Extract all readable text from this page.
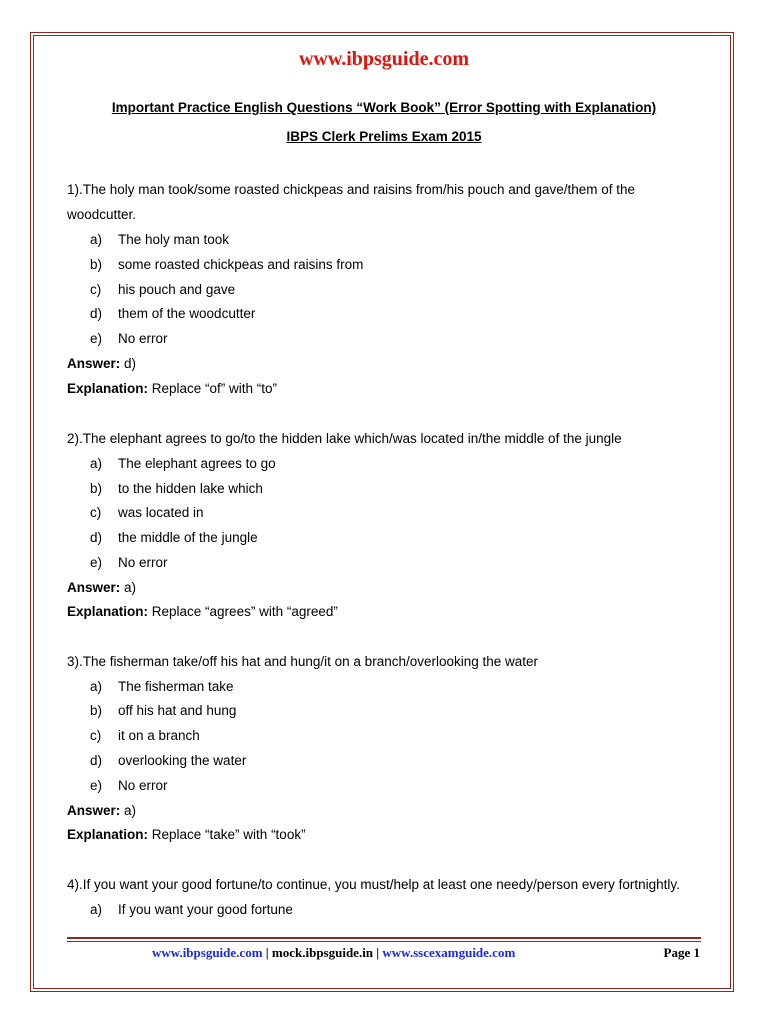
www.ibpsguide.com
Important Practice English Questions “Work Book” (Error Spotting with Explanation)
IBPS Clerk Prelims Exam 2015
1).The holy man took/some roasted chickpeas and raisins from/his pouch and gave/them of the
woodcutter.
a) The holy man took
b) some roasted chickpeas and raisins from
c) his pouch and gave
d) them of the woodcutter
e) No error
Answer: d)
Explanation: Replace “of” with “to”
2).The elephant agrees to go/to the hidden lake which/was located in/the middle of the jungle
a) The elephant agrees to go
b) to the hidden lake which
c) was located in
d) the middle of the jungle
e) No error
Answer: a)
Explanation: Replace “agrees” with “agreed”
3).The fisherman take/off his hat and hung/it on a branch/overlooking the water
a) The fisherman take
b) off his hat and hung
c) it on a branch
d) overlooking the water
e) No error
Answer: a)
Explanation: Replace “take” with “took”
4).If you want your good fortune/to continue, you must/help at least one needy/person every fortnightly.
a) If you want your good fortune
www.ibpsguide.com | mock.ibpsguide.in | www.sscexamguide.com	Page 1
